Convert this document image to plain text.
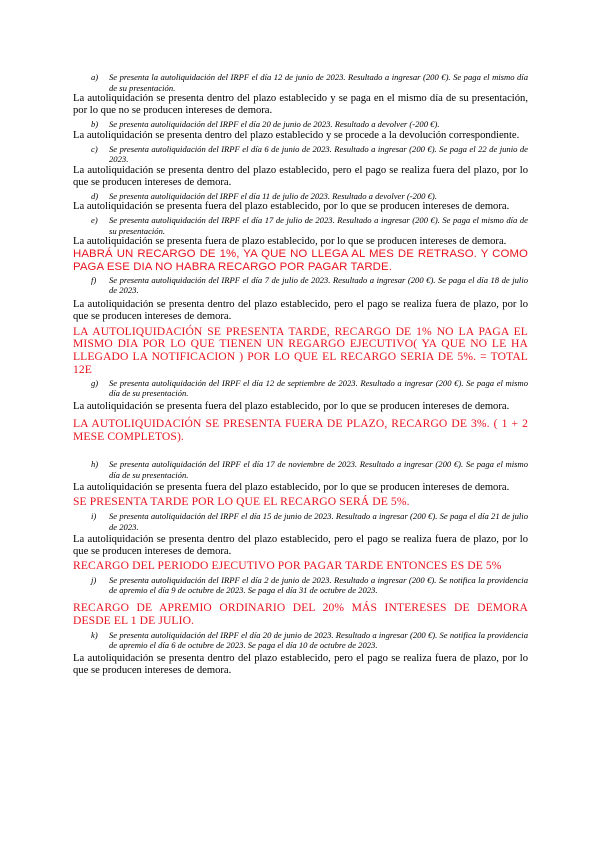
a)	Se presenta la autoliquidación del IRPF el día 12 de junio de 2023. Resultado a ingresar (200 €). Se paga el mismo día de su presentación.

La autoliquidación se presenta dentro del plazo establecido y se paga en el mismo día de su presentación, por lo que no se producen intereses de demora.

b)	Se presenta autoliquidación del IRPF el día 20 de junio de 2023. Resultado a devolver (-200 €).

La autoliquidación se presenta dentro del plazo establecido y se procede a la devolución correspondiente.

c)	Se presenta autoliquidación del IRPF el día 6 de junio de 2023. Resultado a ingresar (200 €). Se paga el 22 de junio de 2023.

La autoliquidación se presenta dentro del plazo establecido, pero el pago se realiza fuera del plazo, por lo que se producen intereses de demora.

d)	Se presenta autoliquidación del IRPF el día 11 de julio de 2023. Resultado a devolver (-200 €).

La autoliquidación se presenta fuera del plazo establecido, por lo que se producen intereses de demora.

e)	Se presenta autoliquidación del IRPF el día 17 de julio de 2023. Resultado a ingresar (200 €). Se paga el mismo día de su presentación.

La autoliquidación se presenta fuera de plazo establecido, por lo que se producen intereses de demora.

HABRÁ UN RECARGO DE 1%, YA QUE NO LLEGA AL MES DE RETRASO. Y COMO PAGA ESE DIA NO HABRA RECARGO POR PAGAR TARDE.
f)	Se presenta autoliquidación del IRPF el día 7 de julio de 2023. Resultado a ingresar (200 €). Se paga el día 18 de julio de 2023.

La autoliquidación se presenta dentro del plazo establecido, pero el pago se realiza fuera de plazo, por lo que se producen intereses de demora.

LA AUTOLIQUIDACIÓN SE PRESENTA TARDE, RECARGO DE 1% NO LA PAGA EL MISMO DIA POR LO QUE TIENEN UN REGARGO EJECUTIVO( YA QUE NO LE HA LLEGADO LA NOTIFICACION ) POR LO QUE EL RECARGO SERIA DE 5%. = TOTAL 12E
g)	Se presenta autoliquidación del IRPF el día 12 de septiembre de 2023. Resultado a ingresar (200 €). Se paga el mismo día de su presentación.

La autoliquidación se presenta fuera del plazo establecido, por lo que se producen intereses de demora.

LA AUTOLIQUIDACIÓN SE PRESENTA FUERA DE PLAZO, RECARGO DE 3%. ( 1 + 2 MESE COMPLETOS).
h)	Se presenta autoliquidación del IRPF el día 17 de noviembre de 2023. Resultado a ingresar (200 €). Se paga el mismo día de su presentación.

La autoliquidación se presenta fuera del plazo establecido, por lo que se producen intereses de demora.

SE PRESENTA TARDE POR LO QUE EL RECARGO SERÁ DE 5%.
i)	Se presenta autoliquidación del IRPF el día 15 de junio de 2023. Resultado a ingresar (200 €). Se paga el día 21 de julio de 2023.

La autoliquidación se presenta dentro del plazo establecido, pero el pago se realiza fuera de plazo, por lo que se producen intereses de demora.

RECARGO DEL PERIODO EJECUTIVO POR PAGAR TARDE ENTONCES ES DE 5%
j)	Se presenta autoliquidación del IRPF el día 2 de junio de 2023. Resultado a ingresar (200 €). Se notifica la providencia de apremio el día 9 de octubre de 2023. Se paga el día 31 de octubre de 2023.
RECARGO DE APREMIO ORDINARIO DEL 20% MÁS INTERESES DE DEMORA DESDE EL 1 DE JULIO.
k)	Se presenta autoliquidación del IRPF el día 20 de junio de 2023. Resultado a ingresar (200 €). Se notifica la providencia de apremio el día 6 de octubre de 2023. Se paga el día 10 de octubre de 2023.

La autoliquidación se presenta dentro del plazo establecido, pero el pago se realiza fuera de plazo, por lo que se producen intereses de demora.
